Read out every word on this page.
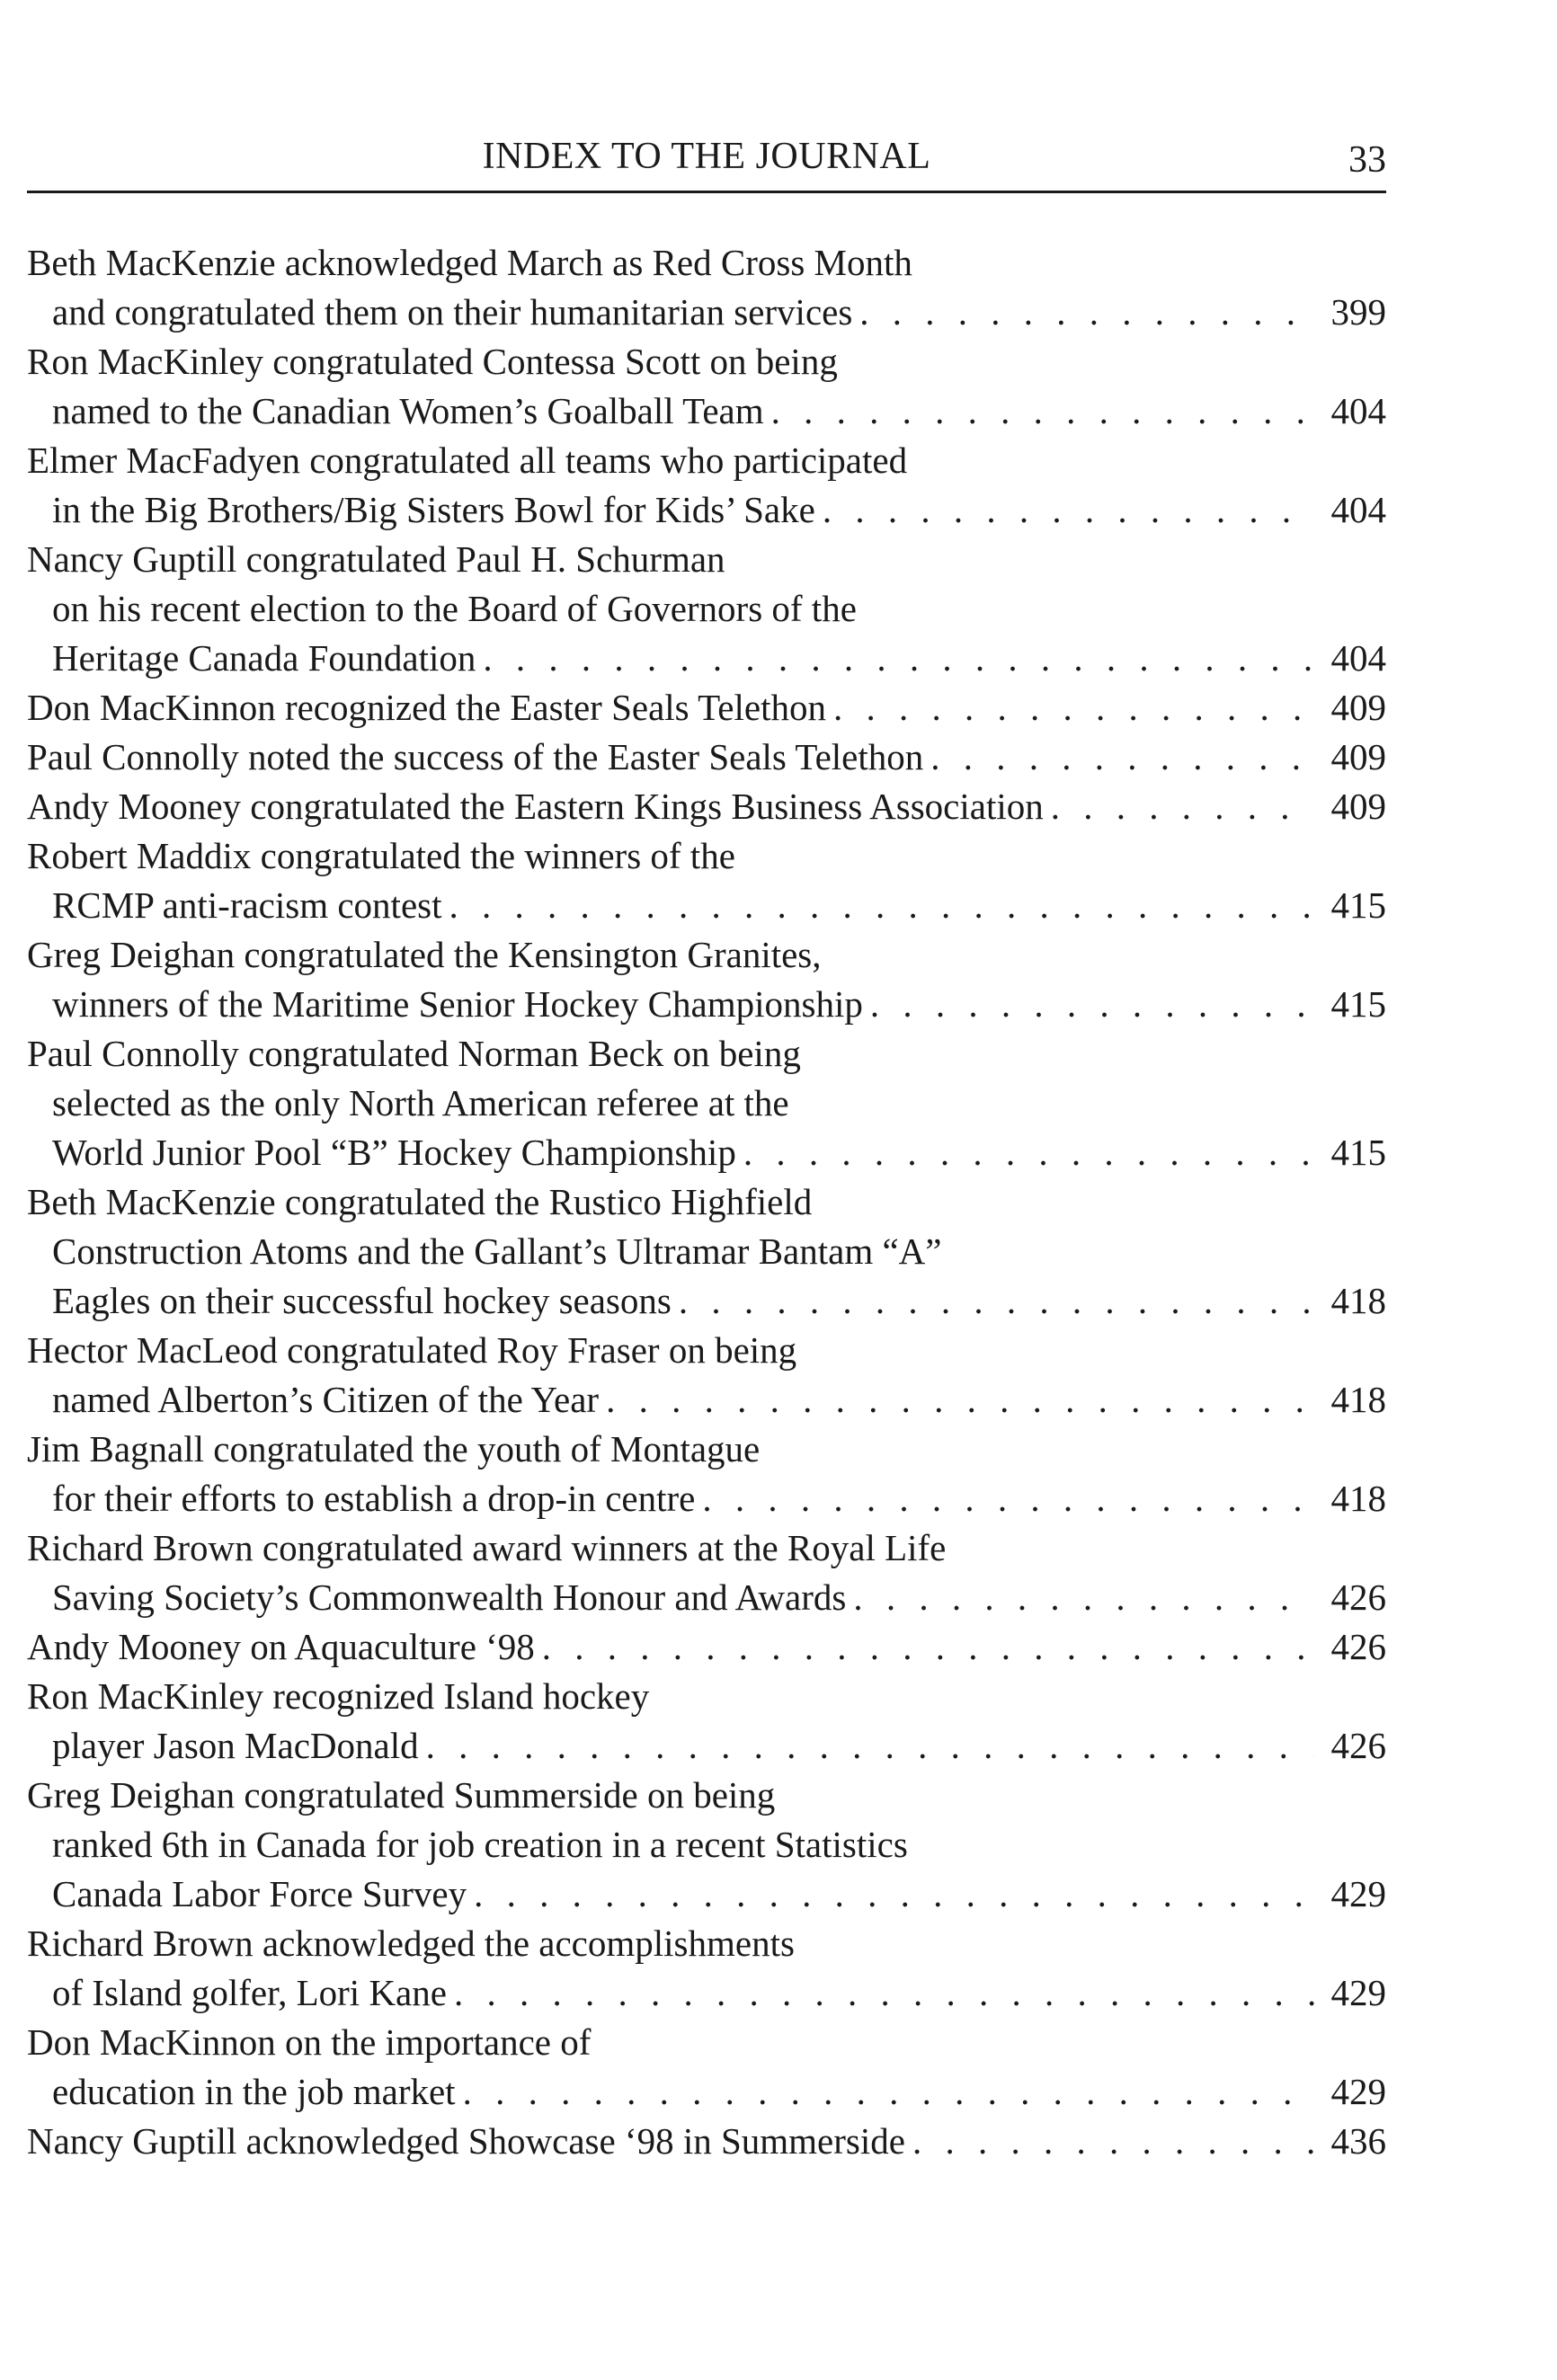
INDEX TO THE JOURNAL	33
Beth MacKenzie acknowledged March as Red Cross Month
and congratulated them on their humanitarian services . . .	399
Ron MacKinley congratulated Contessa Scott on being
named to the Canadian Women’s Goalball Team . . .	404
Elmer MacFadyen congratulated all teams who participated
in the Big Brothers/Big Sisters Bowl for Kids’ Sake . . .	404
Nancy Guptill congratulated Paul H. Schurman
on his recent election to the Board of Governors of the
Heritage Canada Foundation . . .	404
Don MacKinnon recognized the Easter Seals Telethon . . .	409
Paul Connolly noted the success of the Easter Seals Telethon . . .	409
Andy Mooney congratulated the Eastern Kings Business Association . . .	409
Robert Maddix congratulated the winners of the
RCMP anti-racism contest . . .	415
Greg Deighan congratulated the Kensington Granites,
winners of the Maritime Senior Hockey Championship . . .	415
Paul Connolly congratulated Norman Beck on being
selected as the only North American referee at the
World Junior Pool “B” Hockey Championship . . .	415
Beth MacKenzie congratulated the Rustico Highfield
Construction Atoms and the Gallant’s Ultramar Bantam “A”
Eagles on their successful hockey seasons . . .	418
Hector MacLeod congratulated Roy Fraser on being
named Alberton’s Citizen of the Year . . .	418
Jim Bagnall congratulated the youth of Montague
for their efforts to establish a drop-in centre . . .	418
Richard Brown congratulated award winners at the Royal Life
Saving Society’s Commonwealth Honour and Awards . . .	426
Andy Mooney on Aquaculture ‘98 . . .	426
Ron MacKinley recognized Island hockey
player Jason MacDonald . . .	426
Greg Deighan congratulated Summerside on being
ranked 6th in Canada for job creation in a recent Statistics
Canada Labor Force Survey . . .	429
Richard Brown acknowledged the accomplishments
of Island golfer, Lori Kane . . .	429
Don MacKinnon on the importance of
education in the job market . . .	429
Nancy Guptill acknowledged Showcase ‘98 in Summerside . . .	436
